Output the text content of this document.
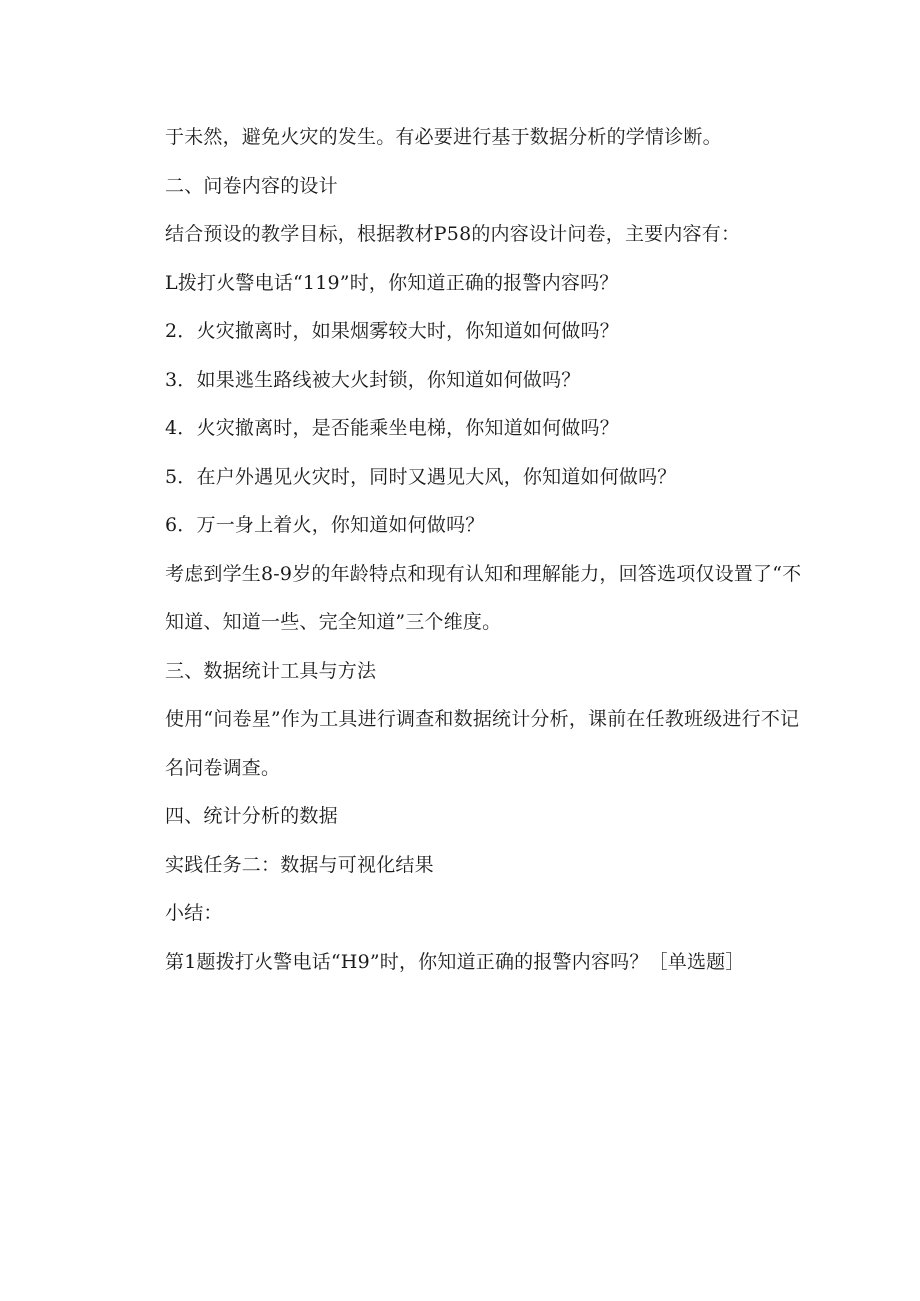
于未然，避免火灾的发生。有必要进行基于数据分析的学情诊断。

二、问卷内容的设计

结合预设的教学目标，根据教材P58的内容设计问卷，主要内容有：

L拨打火警电话“119”时，你知道正确的报警内容吗？

2．火灾撤离时，如果烟雾较大时，你知道如何做吗？

3．如果逃生路线被大火封锁，你知道如何做吗？

4．火灾撤离时，是否能乘坐电梯，你知道如何做吗？

5．在户外遇见火灾时，同时又遇见大风，你知道如何做吗？

6．万一身上着火，你知道如何做吗？

考虑到学生8-9岁的年龄特点和现有认知和理解能力，回答选项仅设置了“不

知道、知道一些、完全知道”三个维度。

三、数据统计工具与方法

使用“问卷星”作为工具进行调查和数据统计分析，课前在任教班级进行不记

名问卷调查。

四、统计分析的数据

实践任务二：数据与可视化结果

小结：

第1题拨打火警电话“H9”时，你知道正确的报警内容吗？［单选题］
